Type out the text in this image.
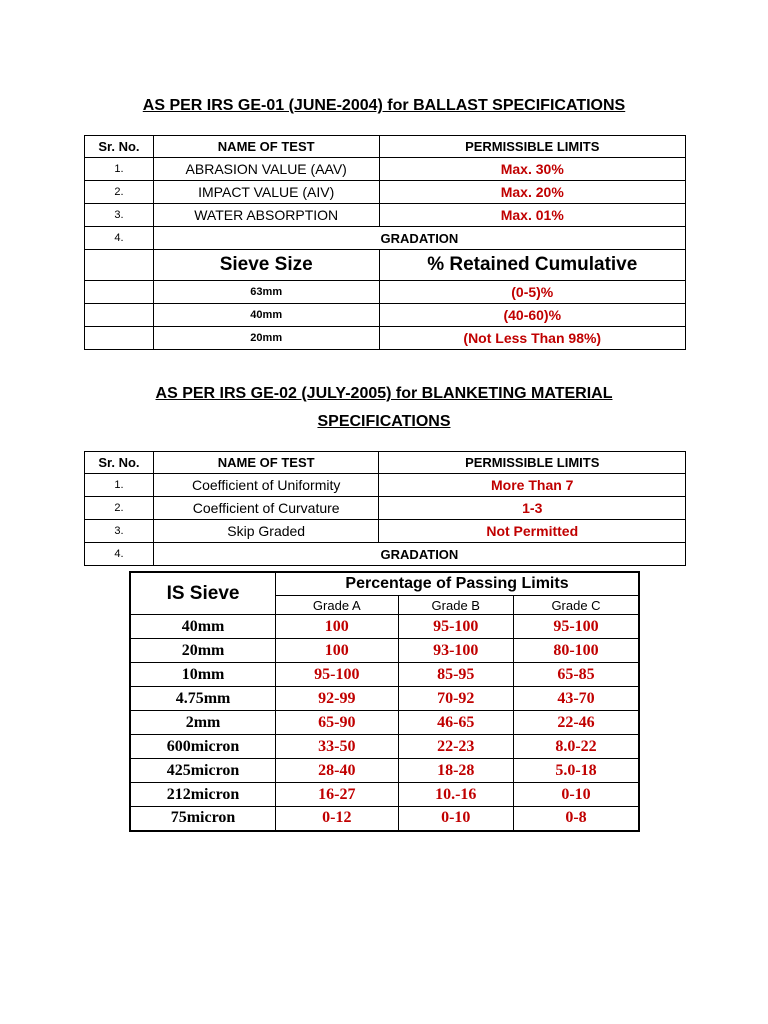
AS PER IRS GE-01 (JUNE-2004) for BALLAST SPECIFICATIONS
Sr. No.	NAME OF TEST	PERMISSIBLE LIMITS
1.	ABRASION VALUE (AAV)	Max. 30%
2.	IMPACT VALUE (AIV)	Max. 20%
3.	WATER ABSORPTION	Max. 01%
4.	GRADATION	
	Sieve Size	% Retained Cumulative
	63mm	(0-5)%
	40mm	(40-60)%
	20mm	(Not Less Than 98%)
AS PER IRS GE-02 (JULY-2005) for BLANKETING MATERIAL
SPECIFICATIONS
Sr. No.	NAME OF TEST	PERMISSIBLE LIMITS
1.	Coefficient of Uniformity	More Than 7
2.	Coefficient of Curvature	1-3
3.	Skip Graded	Not Permitted
4.	GRADATION	
IS Sieve	Percentage of Passing Limits		
	Grade A	Grade B	Grade C
40mm	100	95-100	95-100
20mm	100	93-100	80-100
10mm	95-100	85-95	65-85
4.75mm	92-99	70-92	43-70
2mm	65-90	46-65	22-46
600micron	33-50	22-23	8.0-22
425micron	28-40	18-28	5.0-18
212micron	16-27	10.-16	0-10
75micron	0-12	0-10	0-8
